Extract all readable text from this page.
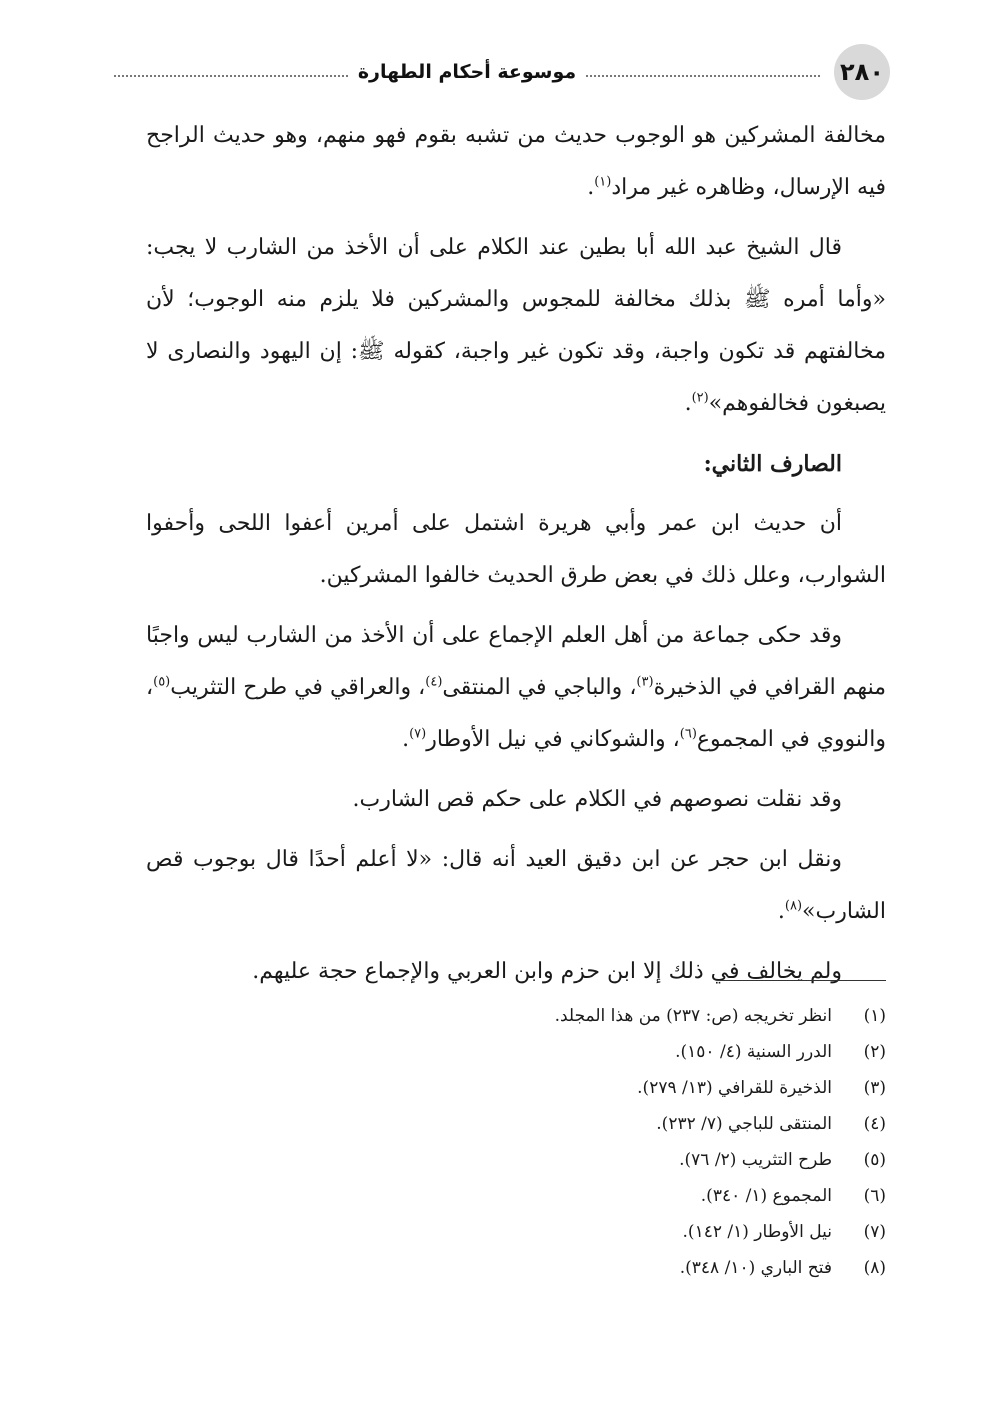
٢٨٠
موسوعة أحكام الطهارة

مخالفة المشركين هو الوجوب حديث من تشبه بقوم فهو منهم، وهو حديث الراجح فيه الإرسال، وظاهره غير مراد$^{(١)}$.

قال الشيخ عبد الله أبا بطين عند الكلام على أن الأخذ من الشارب لا يجب: «وأما أمره ﷺ بذلك مخالفة للمجوس والمشركين فلا يلزم منه الوجوب؛ لأن مخالفتهم قد تكون واجبة، وقد تكون غير واجبة، كقوله ﷺ: إن اليهود والنصارى لا يصبغون فخالفوهم»$^{(٢)}$.

الصارف الثاني:

أن حديث ابن عمر وأبي هريرة اشتمل على أمرين أعفوا اللحى وأحفوا الشوارب، وعلل ذلك في بعض طرق الحديث خالفوا المشركين.

وقد حكى جماعة من أهل العلم الإجماع على أن الأخذ من الشارب ليس واجبًا منهم القرافي في الذخيرة$^{(٣)}$، والباجي في المنتقى$^{(٤)}$، والعراقي في طرح التثريب$^{(٥)}$، والنووي في المجموع$^{(٦)}$، والشوكاني في نيل الأوطار$^{(٧)}$.

وقد نقلت نصوصهم في الكلام على حكم قص الشارب.

ونقل ابن حجر عن ابن دقيق العيد أنه قال: «لا أعلم أحدًا قال بوجوب قص الشارب»$^{(٨)}$.

ولم يخالف في ذلك إلا ابن حزم وابن العربي والإجماع حجة عليهم.

(١)
انظر تخريجه (ص: ٢٣٧) من هذا المجلد.
(٢)
الدرر السنية (٤/ ١٥٠).
(٣)
الذخيرة للقرافي (١٣/ ٢٧٩).
(٤)
المنتقى للباجي (٧/ ٢٣٢).
(٥)
طرح التثريب (٢/ ٧٦).
(٦)
المجموع (١/ ٣٤٠).
(٧)
نيل الأوطار (١/ ١٤٢).
(٨)
فتح الباري (١٠/ ٣٤٨).
